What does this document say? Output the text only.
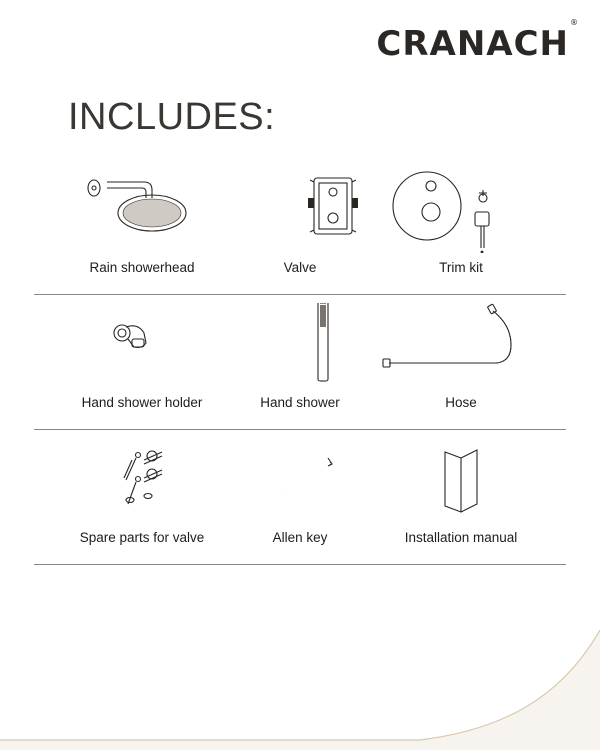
CRANACH®
INCLUDES:
Rain showerhead	Valve	Trim kit
Hand shower holder	Hand shower	Hose
Spare parts for valve	Allen key	Installation manual
